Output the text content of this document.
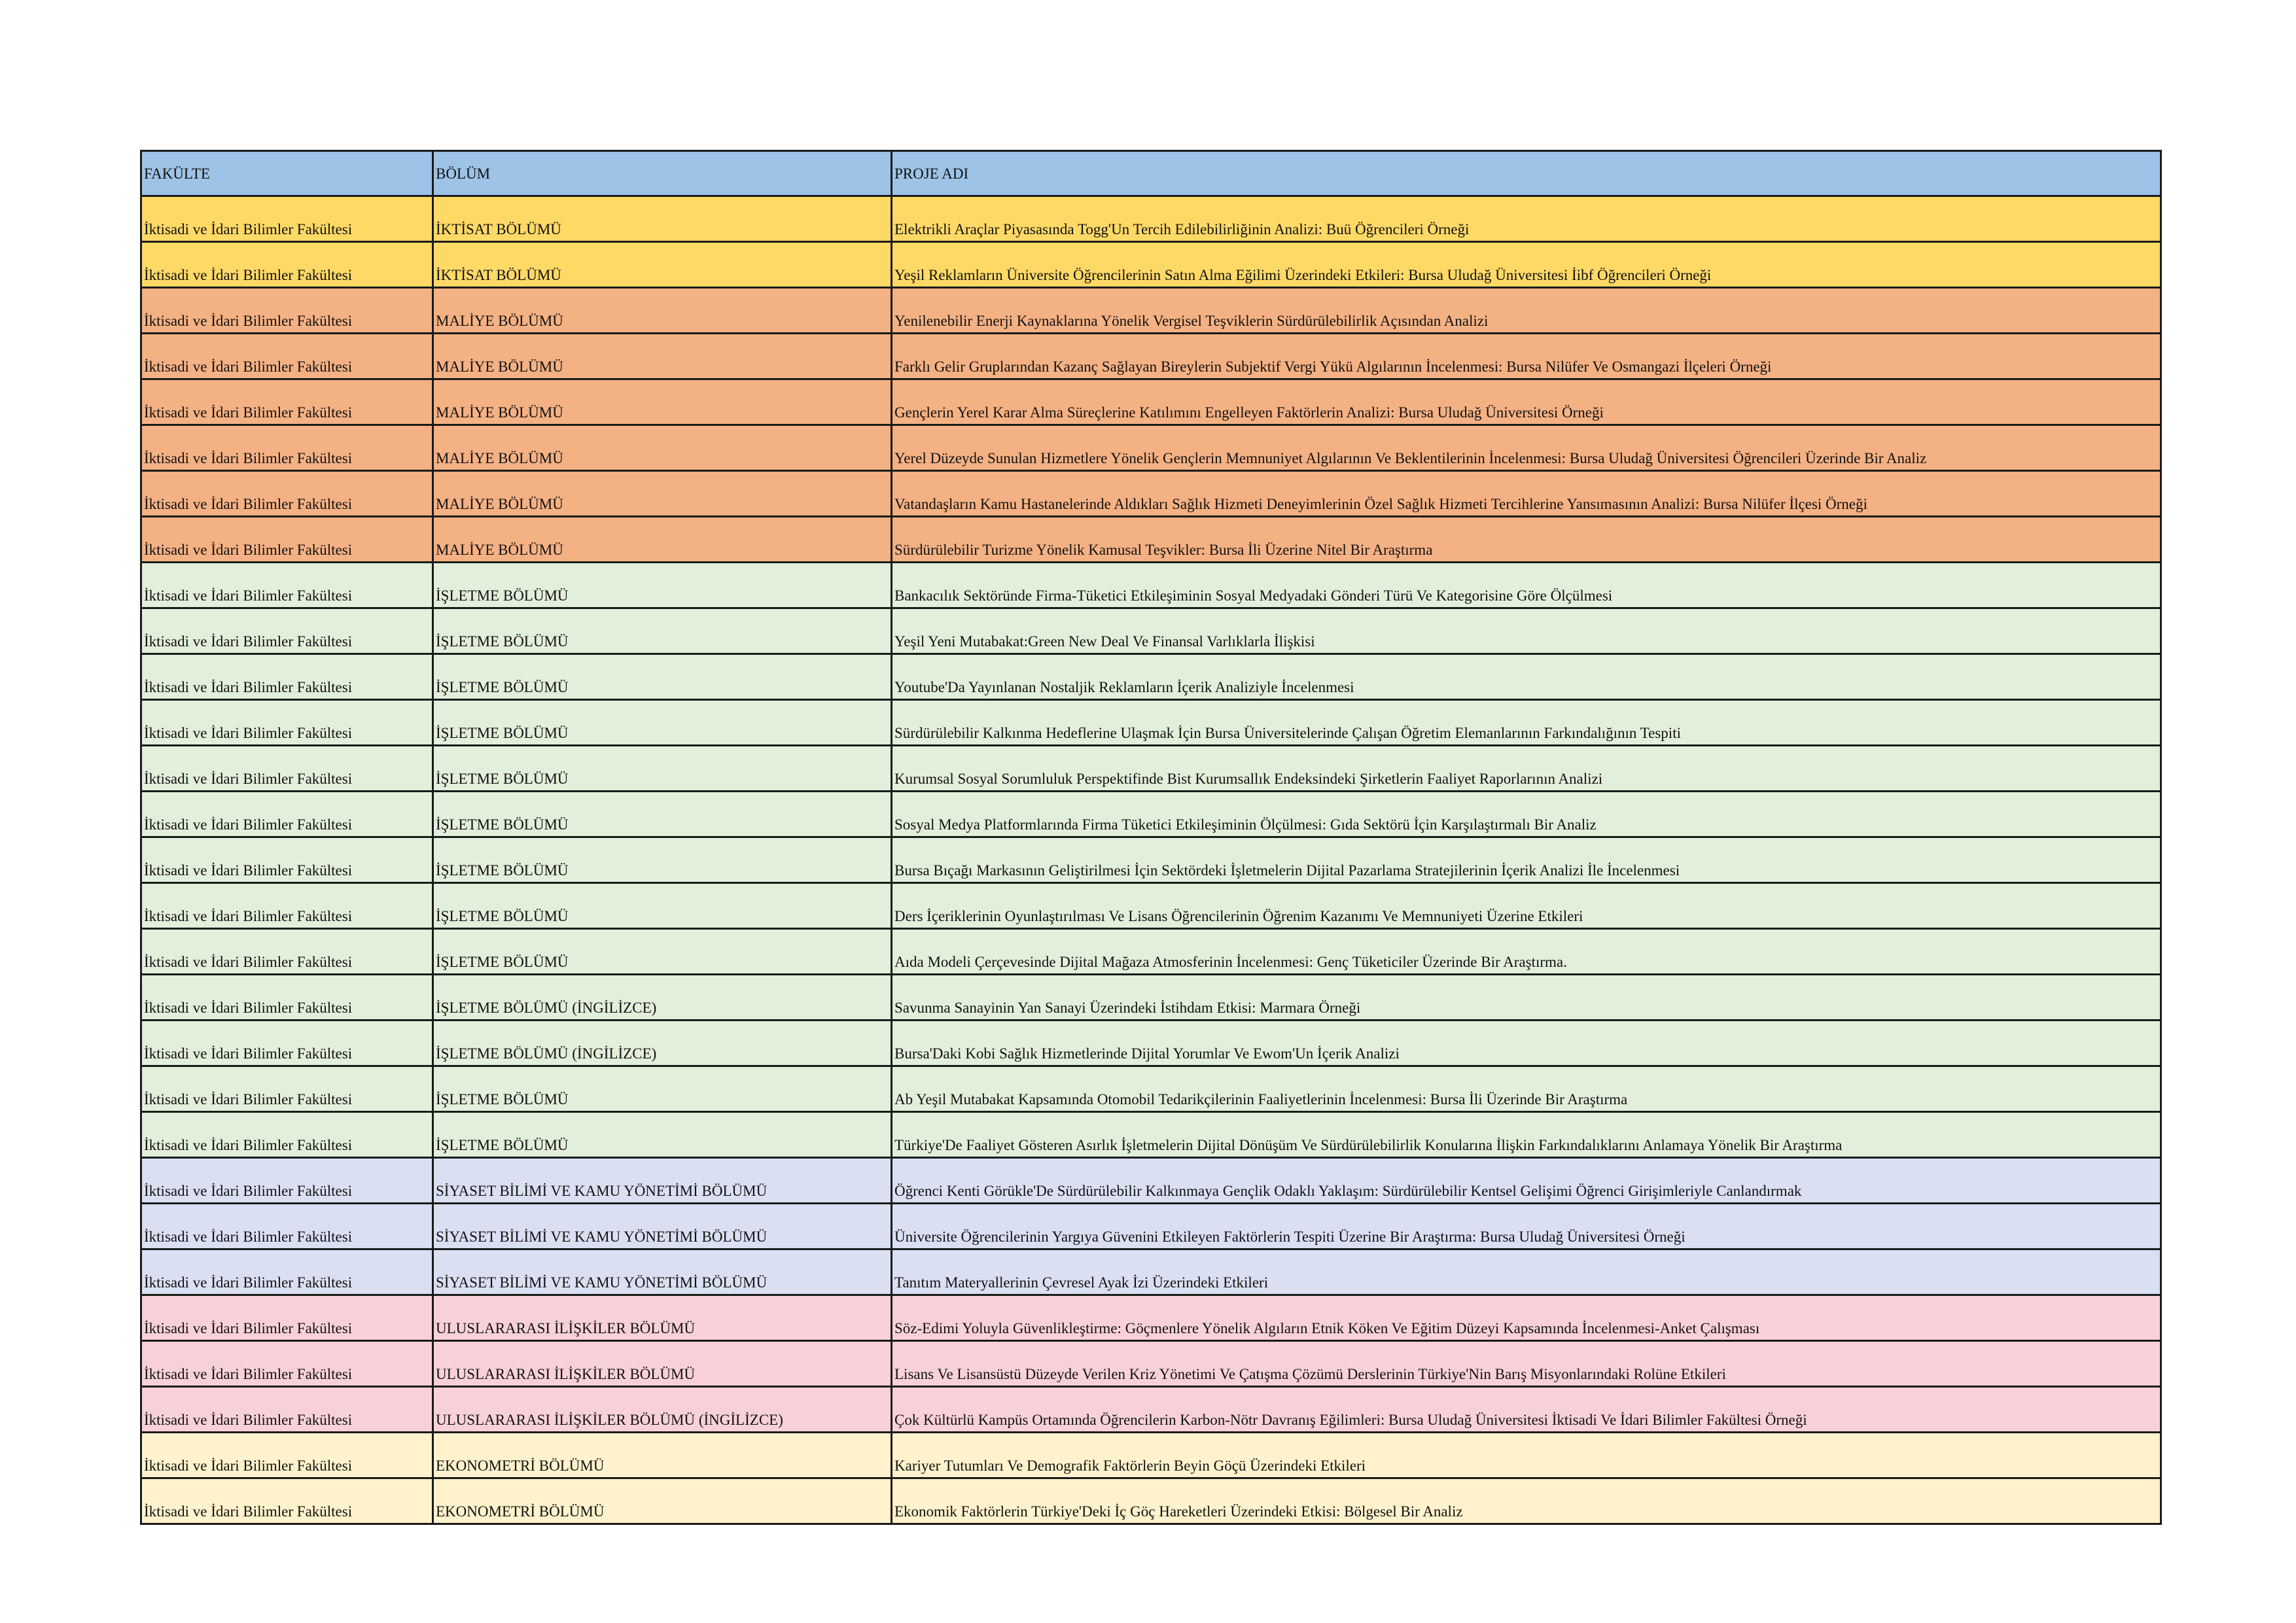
FAKÜLTE	BÖLÜM	PROJE ADI
İktisadi ve İdari Bilimler Fakültesi	İKTİSAT BÖLÜMÜ	Elektrikli Araçlar Piyasasında Togg'Un Tercih Edilebilirliğinin Analizi: Buü Öğrencileri Örneği
İktisadi ve İdari Bilimler Fakültesi	İKTİSAT BÖLÜMÜ	Yeşil Reklamların Üniversite Öğrencilerinin Satın Alma Eğilimi Üzerindeki Etkileri: Bursa Uludağ Üniversitesi İibf Öğrencileri Örneği
İktisadi ve İdari Bilimler Fakültesi	MALİYE BÖLÜMÜ	Yenilenebilir Enerji Kaynaklarına Yönelik Vergisel Teşviklerin Sürdürülebilirlik Açısından Analizi
İktisadi ve İdari Bilimler Fakültesi	MALİYE BÖLÜMÜ	Farklı Gelir Gruplarından Kazanç Sağlayan Bireylerin Subjektif Vergi Yükü Algılarının İncelenmesi: Bursa Nilüfer Ve Osmangazi İlçeleri Örneği
İktisadi ve İdari Bilimler Fakültesi	MALİYE BÖLÜMÜ	Gençlerin Yerel Karar Alma Süreçlerine Katılımını Engelleyen Faktörlerin Analizi: Bursa Uludağ Üniversitesi Örneği
İktisadi ve İdari Bilimler Fakültesi	MALİYE BÖLÜMÜ	Yerel Düzeyde Sunulan Hizmetlere Yönelik Gençlerin Memnuniyet Algılarının Ve Beklentilerinin İncelenmesi: Bursa Uludağ Üniversitesi Öğrencileri Üzerinde Bir Analiz
İktisadi ve İdari Bilimler Fakültesi	MALİYE BÖLÜMÜ	Vatandaşların Kamu Hastanelerinde Aldıkları Sağlık Hizmeti Deneyimlerinin Özel Sağlık Hizmeti Tercihlerine Yansımasının Analizi: Bursa Nilüfer İlçesi Örneği
İktisadi ve İdari Bilimler Fakültesi	MALİYE BÖLÜMÜ	Sürdürülebilir Turizme Yönelik Kamusal Teşvikler: Bursa İli Üzerine Nitel Bir Araştırma
İktisadi ve İdari Bilimler Fakültesi	İŞLETME BÖLÜMÜ	Bankacılık Sektöründe Firma-Tüketici Etkileşiminin Sosyal Medyadaki Gönderi Türü Ve Kategorisine Göre Ölçülmesi
İktisadi ve İdari Bilimler Fakültesi	İŞLETME BÖLÜMÜ	Yeşil Yeni Mutabakat:Green New Deal Ve Finansal Varlıklarla İlişkisi
İktisadi ve İdari Bilimler Fakültesi	İŞLETME BÖLÜMÜ	Youtube'Da Yayınlanan Nostaljik Reklamların İçerik Analiziyle İncelenmesi
İktisadi ve İdari Bilimler Fakültesi	İŞLETME BÖLÜMÜ	Sürdürülebilir Kalkınma Hedeflerine Ulaşmak İçin Bursa Üniversitelerinde Çalışan Öğretim Elemanlarının Farkındalığının Tespiti
İktisadi ve İdari Bilimler Fakültesi	İŞLETME BÖLÜMÜ	Kurumsal Sosyal Sorumluluk Perspektifinde Bist Kurumsallık Endeksindeki Şirketlerin Faaliyet Raporlarının Analizi
İktisadi ve İdari Bilimler Fakültesi	İŞLETME BÖLÜMÜ	Sosyal Medya Platformlarında Firma Tüketici Etkileşiminin Ölçülmesi: Gıda Sektörü İçin Karşılaştırmalı Bir Analiz
İktisadi ve İdari Bilimler Fakültesi	İŞLETME BÖLÜMÜ	Bursa Bıçağı Markasının Geliştirilmesi İçin Sektördeki İşletmelerin Dijital Pazarlama Stratejilerinin İçerik Analizi İle İncelenmesi
İktisadi ve İdari Bilimler Fakültesi	İŞLETME BÖLÜMÜ	Ders İçeriklerinin Oyunlaştırılması Ve Lisans Öğrencilerinin Öğrenim Kazanımı Ve Memnuniyeti Üzerine Etkileri
İktisadi ve İdari Bilimler Fakültesi	İŞLETME BÖLÜMÜ	Aıda Modeli Çerçevesinde Dijital Mağaza Atmosferinin İncelenmesi: Genç Tüketiciler Üzerinde Bir Araştırma.
İktisadi ve İdari Bilimler Fakültesi	İŞLETME BÖLÜMÜ (İNGİLİZCE)	Savunma Sanayinin Yan Sanayi Üzerindeki İstihdam Etkisi: Marmara Örneği
İktisadi ve İdari Bilimler Fakültesi	İŞLETME BÖLÜMÜ (İNGİLİZCE)	Bursa'Daki Kobi Sağlık Hizmetlerinde Dijital Yorumlar Ve Ewom'Un İçerik Analizi
İktisadi ve İdari Bilimler Fakültesi	İŞLETME BÖLÜMÜ	Ab Yeşil Mutabakat Kapsamında Otomobil Tedarikçilerinin Faaliyetlerinin İncelenmesi: Bursa İli Üzerinde Bir Araştırma
İktisadi ve İdari Bilimler Fakültesi	İŞLETME BÖLÜMÜ	Türkiye'De Faaliyet Gösteren Asırlık İşletmelerin Dijital Dönüşüm Ve Sürdürülebilirlik Konularına İlişkin Farkındalıklarını Anlamaya Yönelik Bir Araştırma
İktisadi ve İdari Bilimler Fakültesi	SİYASET BİLİMİ VE KAMU YÖNETİMİ BÖLÜMÜ	Öğrenci Kenti Görükle'De Sürdürülebilir Kalkınmaya Gençlik Odaklı Yaklaşım: Sürdürülebilir Kentsel Gelişimi Öğrenci Girişimleriyle Canlandırmak
İktisadi ve İdari Bilimler Fakültesi	SİYASET BİLİMİ VE KAMU YÖNETİMİ BÖLÜMÜ	Üniversite Öğrencilerinin Yargıya Güvenini Etkileyen Faktörlerin Tespiti Üzerine Bir Araştırma: Bursa Uludağ Üniversitesi Örneği
İktisadi ve İdari Bilimler Fakültesi	SİYASET BİLİMİ VE KAMU YÖNETİMİ BÖLÜMÜ	Tanıtım Materyallerinin Çevresel Ayak İzi Üzerindeki Etkileri
İktisadi ve İdari Bilimler Fakültesi	ULUSLARARASI İLİŞKİLER BÖLÜMÜ	Söz-Edimi Yoluyla Güvenlikleştirme: Göçmenlere Yönelik Algıların Etnik Köken Ve Eğitim Düzeyi Kapsamında İncelenmesi-Anket Çalışması
İktisadi ve İdari Bilimler Fakültesi	ULUSLARARASI İLİŞKİLER BÖLÜMÜ	Lisans Ve Lisansüstü Düzeyde Verilen Kriz Yönetimi Ve Çatışma Çözümü Derslerinin Türkiye'Nin Barış Misyonlarındaki Rolüne Etkileri
İktisadi ve İdari Bilimler Fakültesi	ULUSLARARASI İLİŞKİLER BÖLÜMÜ (İNGİLİZCE)	Çok Kültürlü Kampüs Ortamında Öğrencilerin Karbon-Nötr Davranış Eğilimleri: Bursa Uludağ Üniversitesi İktisadi Ve İdari Bilimler Fakültesi Örneği
İktisadi ve İdari Bilimler Fakültesi	EKONOMETRİ BÖLÜMÜ	Kariyer Tutumları Ve Demografik Faktörlerin Beyin Göçü Üzerindeki Etkileri
İktisadi ve İdari Bilimler Fakültesi	EKONOMETRİ BÖLÜMÜ	Ekonomik Faktörlerin Türkiye'Deki İç Göç Hareketleri Üzerindeki Etkisi: Bölgesel Bir Analiz
